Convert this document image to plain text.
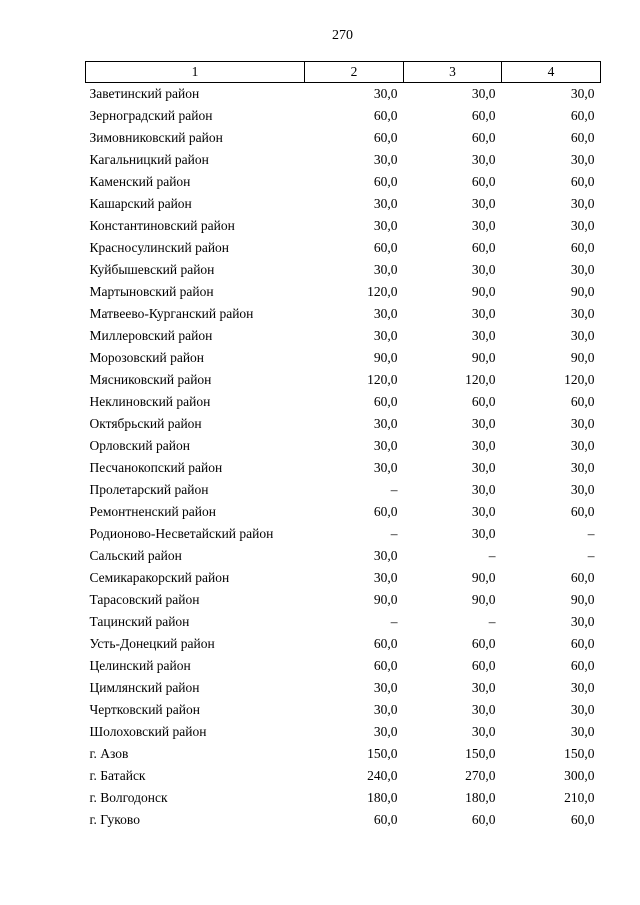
270
1	2	3	4
Заветинский район	30,0	30,0	30,0
Зерноградский район	60,0	60,0	60,0
Зимовниковский район	60,0	60,0	60,0
Кагальницкий район	30,0	30,0	30,0
Каменский район	60,0	60,0	60,0
Кашарский район	30,0	30,0	30,0
Константиновский район	30,0	30,0	30,0
Красносулинский район	60,0	60,0	60,0
Куйбышевский район	30,0	30,0	30,0
Мартыновский район	120,0	90,0	90,0
Матвеево-Курганский район	30,0	30,0	30,0
Миллеровский район	30,0	30,0	30,0
Морозовский район	90,0	90,0	90,0
Мясниковский район	120,0	120,0	120,0
Неклиновский район	60,0	60,0	60,0
Октябрьский район	30,0	30,0	30,0
Орловский район	30,0	30,0	30,0
Песчанокопский район	30,0	30,0	30,0
Пролетарский район	–	30,0	30,0
Ремонтненский район	60,0	30,0	60,0
Родионово-Несветайский район	–	30,0	–
Сальский район	30,0	–	–
Семикаракорский район	30,0	90,0	60,0
Тарасовский район	90,0	90,0	90,0
Тацинский район	–	–	30,0
Усть-Донецкий район	60,0	60,0	60,0
Целинский район	60,0	60,0	60,0
Цимлянский район	30,0	30,0	30,0
Чертковский район	30,0	30,0	30,0
Шолоховский район	30,0	30,0	30,0
г. Азов	150,0	150,0	150,0
г. Батайск	240,0	270,0	300,0
г. Волгодонск	180,0	180,0	210,0
г. Гуково	60,0	60,0	60,0
